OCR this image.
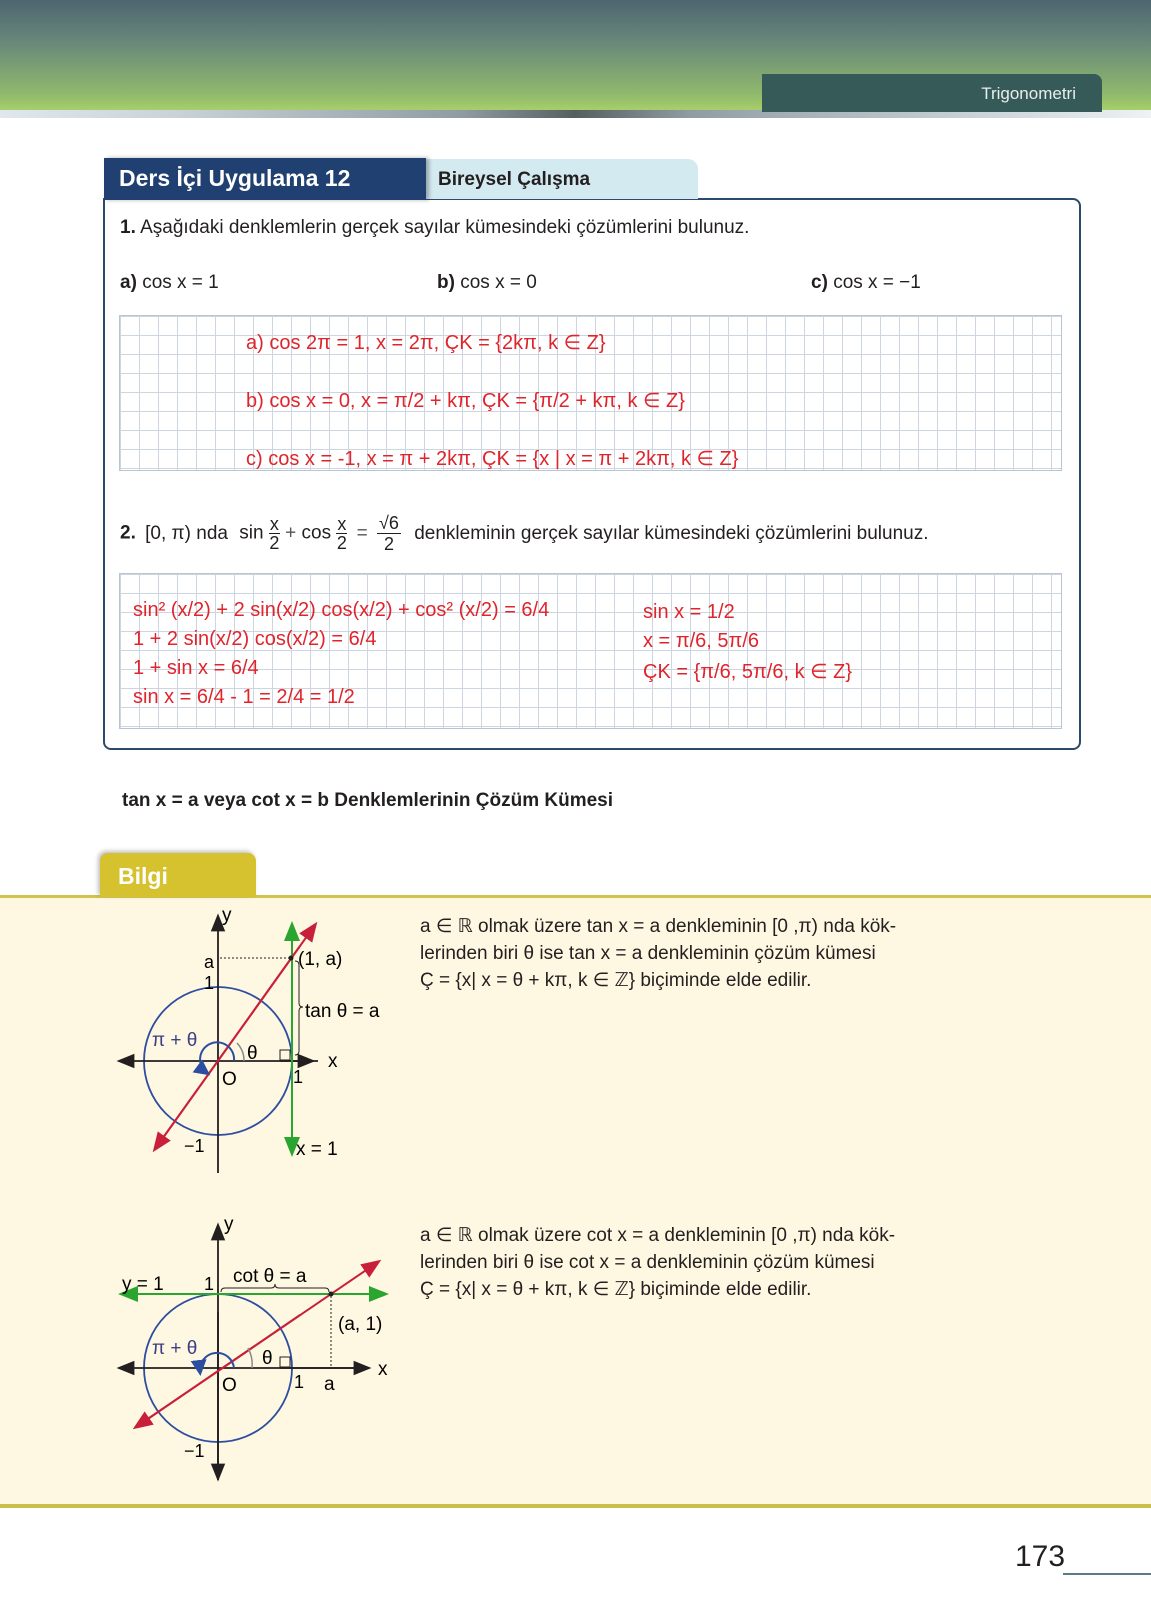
Trigonometri
Ders İçi Uygulama 12	Bireysel Çalışma
1. Aşağıdaki denklemlerin gerçek sayılar kümesindeki çözümlerini bulunuz.
a) cos x = 1	b) cos x = 0	c) cos x = −1
a) cos 2π = 1, x = 2π, ÇK = {2kπ, k ∈ Z}
b) cos x = 0, x = π/2 + kπ, ÇK = {π/2 + kπ, k ∈ Z}
c) cos x = -1, x = π + 2kπ, ÇK = {x | x = π + 2kπ, k ∈ Z}
2. [0, π) nda $\sin \frac{x}{2} + \cos \frac{x}{2} = \frac{√6}{2}$ denkleminin gerçek sayılar kümesindeki çözümlerini bulunuz.
sin² (x/2) + 2 sin(x/2) cos(x/2) + cos² (x/2) = 6/4
1 + 2 sin(x/2) cos(x/2) = 6/4
1 + sin x = 6/4
sin x = 6/4 - 1 = 2/4 = 1/2
sin x = 1/2
x = π/6, 5π/6
ÇK = {π/6, 5π/6, k ∈ Z}
tan x = a veya cot x = b Denklemlerinin Çözüm Kümesi
Bilgi
y
a
1
(1, a)
tan θ = a
π + θ
θ	x
O	1
−1	x = 1
a ∈ ℝ olmak üzere tan x = a denkleminin [0 ,π) nda kök-
lerinden biri θ ise tan x = a denkleminin çözüm kümesi
Ç = {x| x = θ + kπ, k ∈ ℤ} biçiminde elde edilir.
y
y = 1 1 cot θ = a
(a, 1)
π + θ	θ
x
O	1 a
−1
a ∈ ℝ olmak üzere cot x = a denkleminin [0 ,π) nda kök-
lerinden biri θ ise cot x = a denkleminin çözüm kümesi
Ç = {x| x = θ + kπ, k ∈ ℤ} biçiminde elde edilir.
173
